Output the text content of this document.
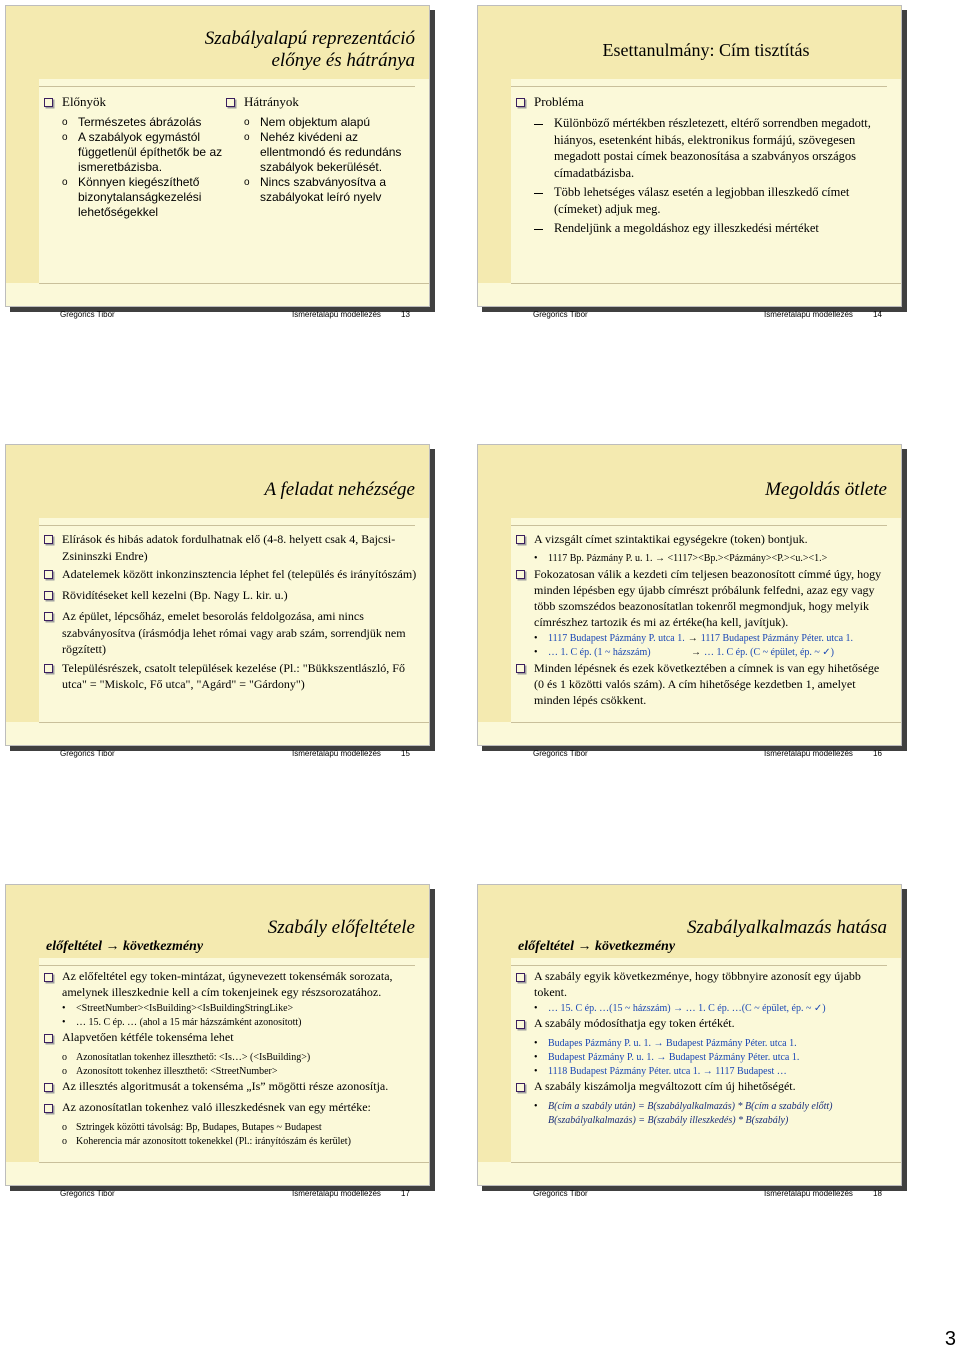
Szabályalapú reprezentáció előnye és hátránya
Előnyök
o Természetes ábrázolás
o A szabályok egymástól függetlenül építhetők be az ismeretbázisba.
o Könnyen kiegészíthető bizonytalanságkezelési lehetőségekkel
Hátrányok
o Nem objektum alapú
o Nehéz kivédeni az ellentmondó és redundáns szabályok bekerülését.
o Nincs szabványosítva a szabályokat leíró nyelv
Gregorics Tibor	Ismeretalapú modellezés	13
Esettanulmány: Cím tisztítás
Probléma
Különböző mértékben részletezett, eltérő sorrendben megadott, hiányos, esetenként hibás, elektronikus formájú, szövegesen megadott postai címek beazonosítása a szabványos országos címadatbázisba.
Több lehetséges válasz esetén a legjobban illeszkedő címet (címeket) adjuk meg.
Rendeljünk a megoldáshoz egy illeszkedési mértéket
Gregorics Tibor	Ismeretalapú modellezés	14
A feladat nehézsége
Elírások és hibás adatok fordulhatnak elő (4-8. helyett csak 4, Bajcsi-Zsininszki Endre)
Adatelemek között inkonzinsztencia léphet fel (település és irányítószám)
Rövidítéseket kell kezelni (Bp. Nagy L. kir. u.)
Az épület, lépcsőház, emelet besorolás feldolgozása, ami nincs szabványosítva (írásmódja lehet római vagy arab szám, sorrendjük nem rögzített)
Településrészek, csatolt települések kezelése (Pl.: "Bükkszentlászló, Fő utca" = "Miskolc, Fő utca", "Agárd" = "Gárdony")
Gregorics Tibor	Ismeretalapú modellezés	15
Megoldás ötlete
A vizsgált címet szintaktikai egységekre (token) bontjuk.
•	1117 Bp. Pázmány P. u. 1. → <1117><Bp.><Pázmány><P.><u.><1.>
Fokozatosan válik a kezdeti cím teljesen beazonosított címmé úgy, hogy minden lépésben egy újabb címrészt próbálunk felfedni, azaz egy vagy több szomszédos beazonosítatlan tokenről megmondjuk, hogy melyik címrészhez tartozik és mi az értéke(ha kell, javítjuk).
•	1117 Budapest Pázmány P. utca 1. → 1117 Budapest Pázmány Péter. utca 1.
•	… 1. C ép. (1 ~ házszám)	→ … 1. C ép. (C ~ épület, ép. ~ ✓)
Minden lépésnek és ezek következtében a címnek is van egy hihetősége (0 és 1 közötti valós szám). A cím hihetősége kezdetben 1, amelyet minden lépés csökkent.
Gregorics Tibor	Ismeretalapú modellezés	16
Szabály előfeltétele
előfeltétel → következmény
Az előfeltétel egy token-mintázat, úgynevezett tokensémák sorozata, amelynek illeszkednie kell a cím tokenjeinek egy részsorozatához.
•	<StreetNumber><IsBuilding><IsBuildingStringLike>
•	… 15. C ép. … (ahol a 15 már házszámként azonosított)
Alapvetően kétféle tokenséma lehet
o Azonosítatlan tokenhez illeszthető: <Is…> (<IsBuilding>)
o Azonosított tokenhez illeszthető: <StreetNumber>
Az illesztés algoritmusát a tokenséma „Is” mögötti része azonosítja.
Az azonosítatlan tokenhez való illeszkedésnek van egy mértéke:
o Sztringek közötti távolság: Bp, Budapes, Butapes ~ Budapest
o Koherencia már azonosított tokenekkel (Pl.: irányítószám és kerület)
Gregorics Tibor	Ismeretalapú modellezés	17
Szabályalkalmazás hatása
előfeltétel → következmény
A szabály egyik következménye, hogy többnyire azonosít egy újabb tokent.
•	… 15. C ép. …(15 ~ házszám) → … 1. C ép. …(C ~ épület, ép. ~ ✓)
A szabály módosíthatja egy token értékét.
•	Budapes Pázmány P. u. 1. → Budapest Pázmány Péter. utca 1.
•	Budapest Pázmány P. u. 1. → Budapest Pázmány Péter. utca 1.
•	1118 Budapest Pázmány Péter. utca 1. → 1117 Budapest …
A szabály kiszámolja megváltozott cím új hihetőségét.
•	B(cím a szabály után) = B(szabályalkalmazás) * B(cím a szabály előtt)
B(szabályalkalmazás) = B(szabály illeszkedés) * B(szabály)
Gregorics Tibor	Ismeretalapú modellezés	18
3
